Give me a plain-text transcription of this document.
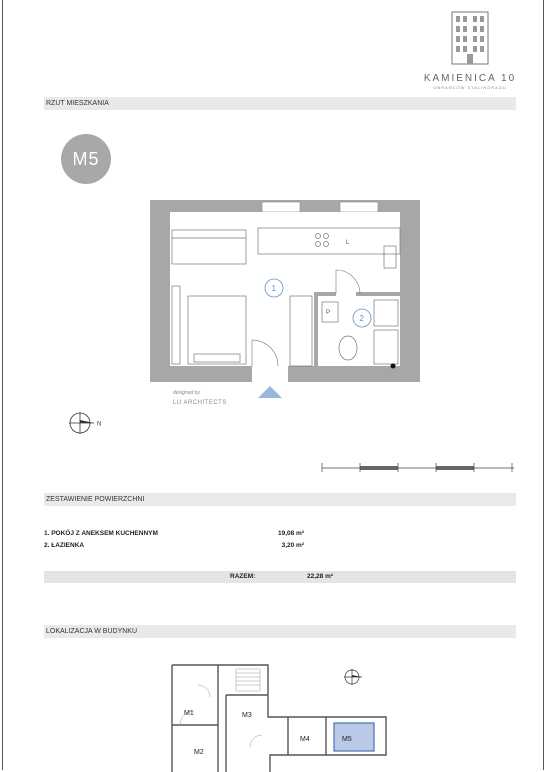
KAMIENICA 10
OBRAŃCÓW STALINGRADU
RZUT MIESZKANIA
M5
L
P
1
2
designed by
LU ARCHITECTS
N
ZESTAWIENIE POWIERZCHNI
1. POKÓJ Z ANEKSEM KUCHENNYM	19,08 m²
2. ŁAZIENKA	3,20 m²
RAZEM:	22,28 m²
LOKALIZACJA W BUDYNKU
M1
M2
M3
M4	M5
